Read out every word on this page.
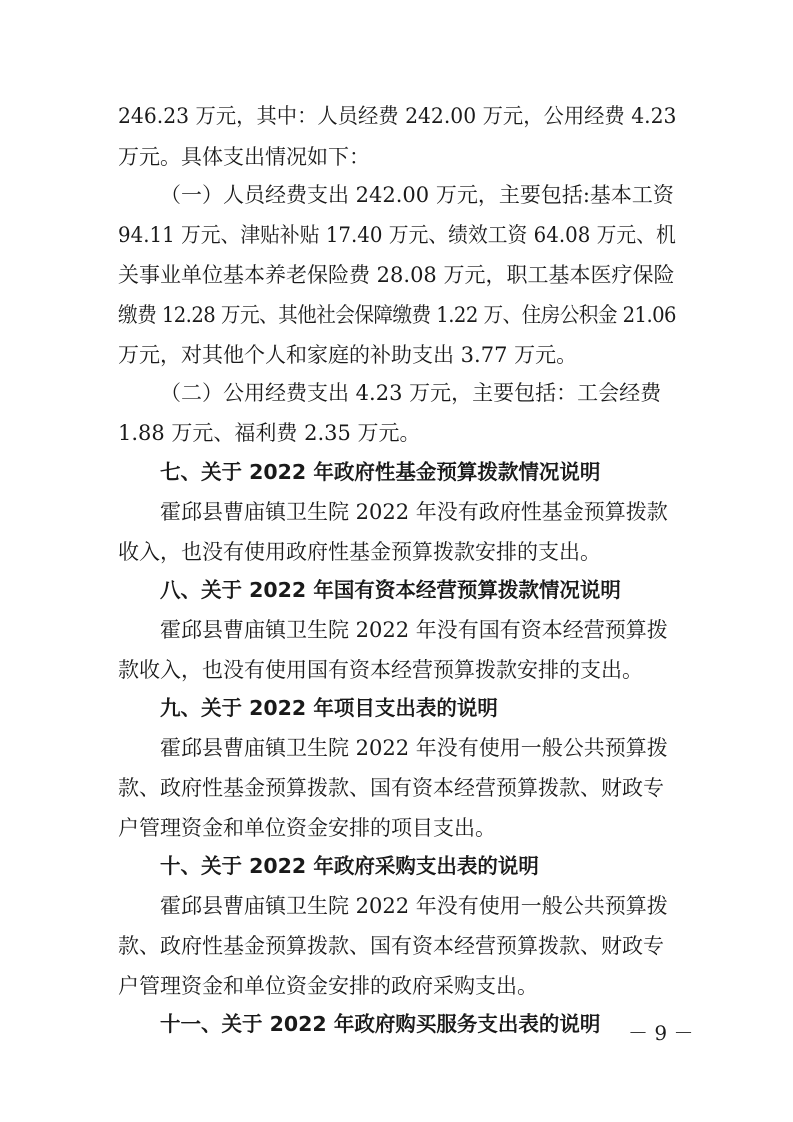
246.23 万元，其中：人员经费 242.00 万元，公用经费 4.23
万元。具体支出情况如下：
（一）人员经费支出 242.00 万元，主要包括:基本工资
94.11 万元、津贴补贴 17.40 万元、绩效工资 64.08 万元、机
关事业单位基本养老保险费 28.08 万元，职工基本医疗保险
缴费 12.28 万元、其他社会保障缴费 1.22 万、住房公积金 21.06
万元，对其他个人和家庭的补助支出 3.77 万元。
（二）公用经费支出 4.23 万元，主要包括：工会经费
1.88 万元、福利费 2.35 万元。
七、关于 2022 年政府性基金预算拨款情况说明
霍邱县曹庙镇卫生院 2022 年没有政府性基金预算拨款
收入，也没有使用政府性基金预算拨款安排的支出。
八、关于 2022 年国有资本经营预算拨款情况说明
霍邱县曹庙镇卫生院 2022 年没有国有资本经营预算拨
款收入，也没有使用国有资本经营预算拨款安排的支出。
九、关于 2022 年项目支出表的说明
霍邱县曹庙镇卫生院 2022 年没有使用一般公共预算拨
款、政府性基金预算拨款、国有资本经营预算拨款、财政专
户管理资金和单位资金安排的项目支出。
十、关于 2022 年政府采购支出表的说明
霍邱县曹庙镇卫生院 2022 年没有使用一般公共预算拨
款、政府性基金预算拨款、国有资本经营预算拨款、财政专
户管理资金和单位资金安排的政府采购支出。
十一、关于 2022 年政府购买服务支出表的说明 － 9 －
